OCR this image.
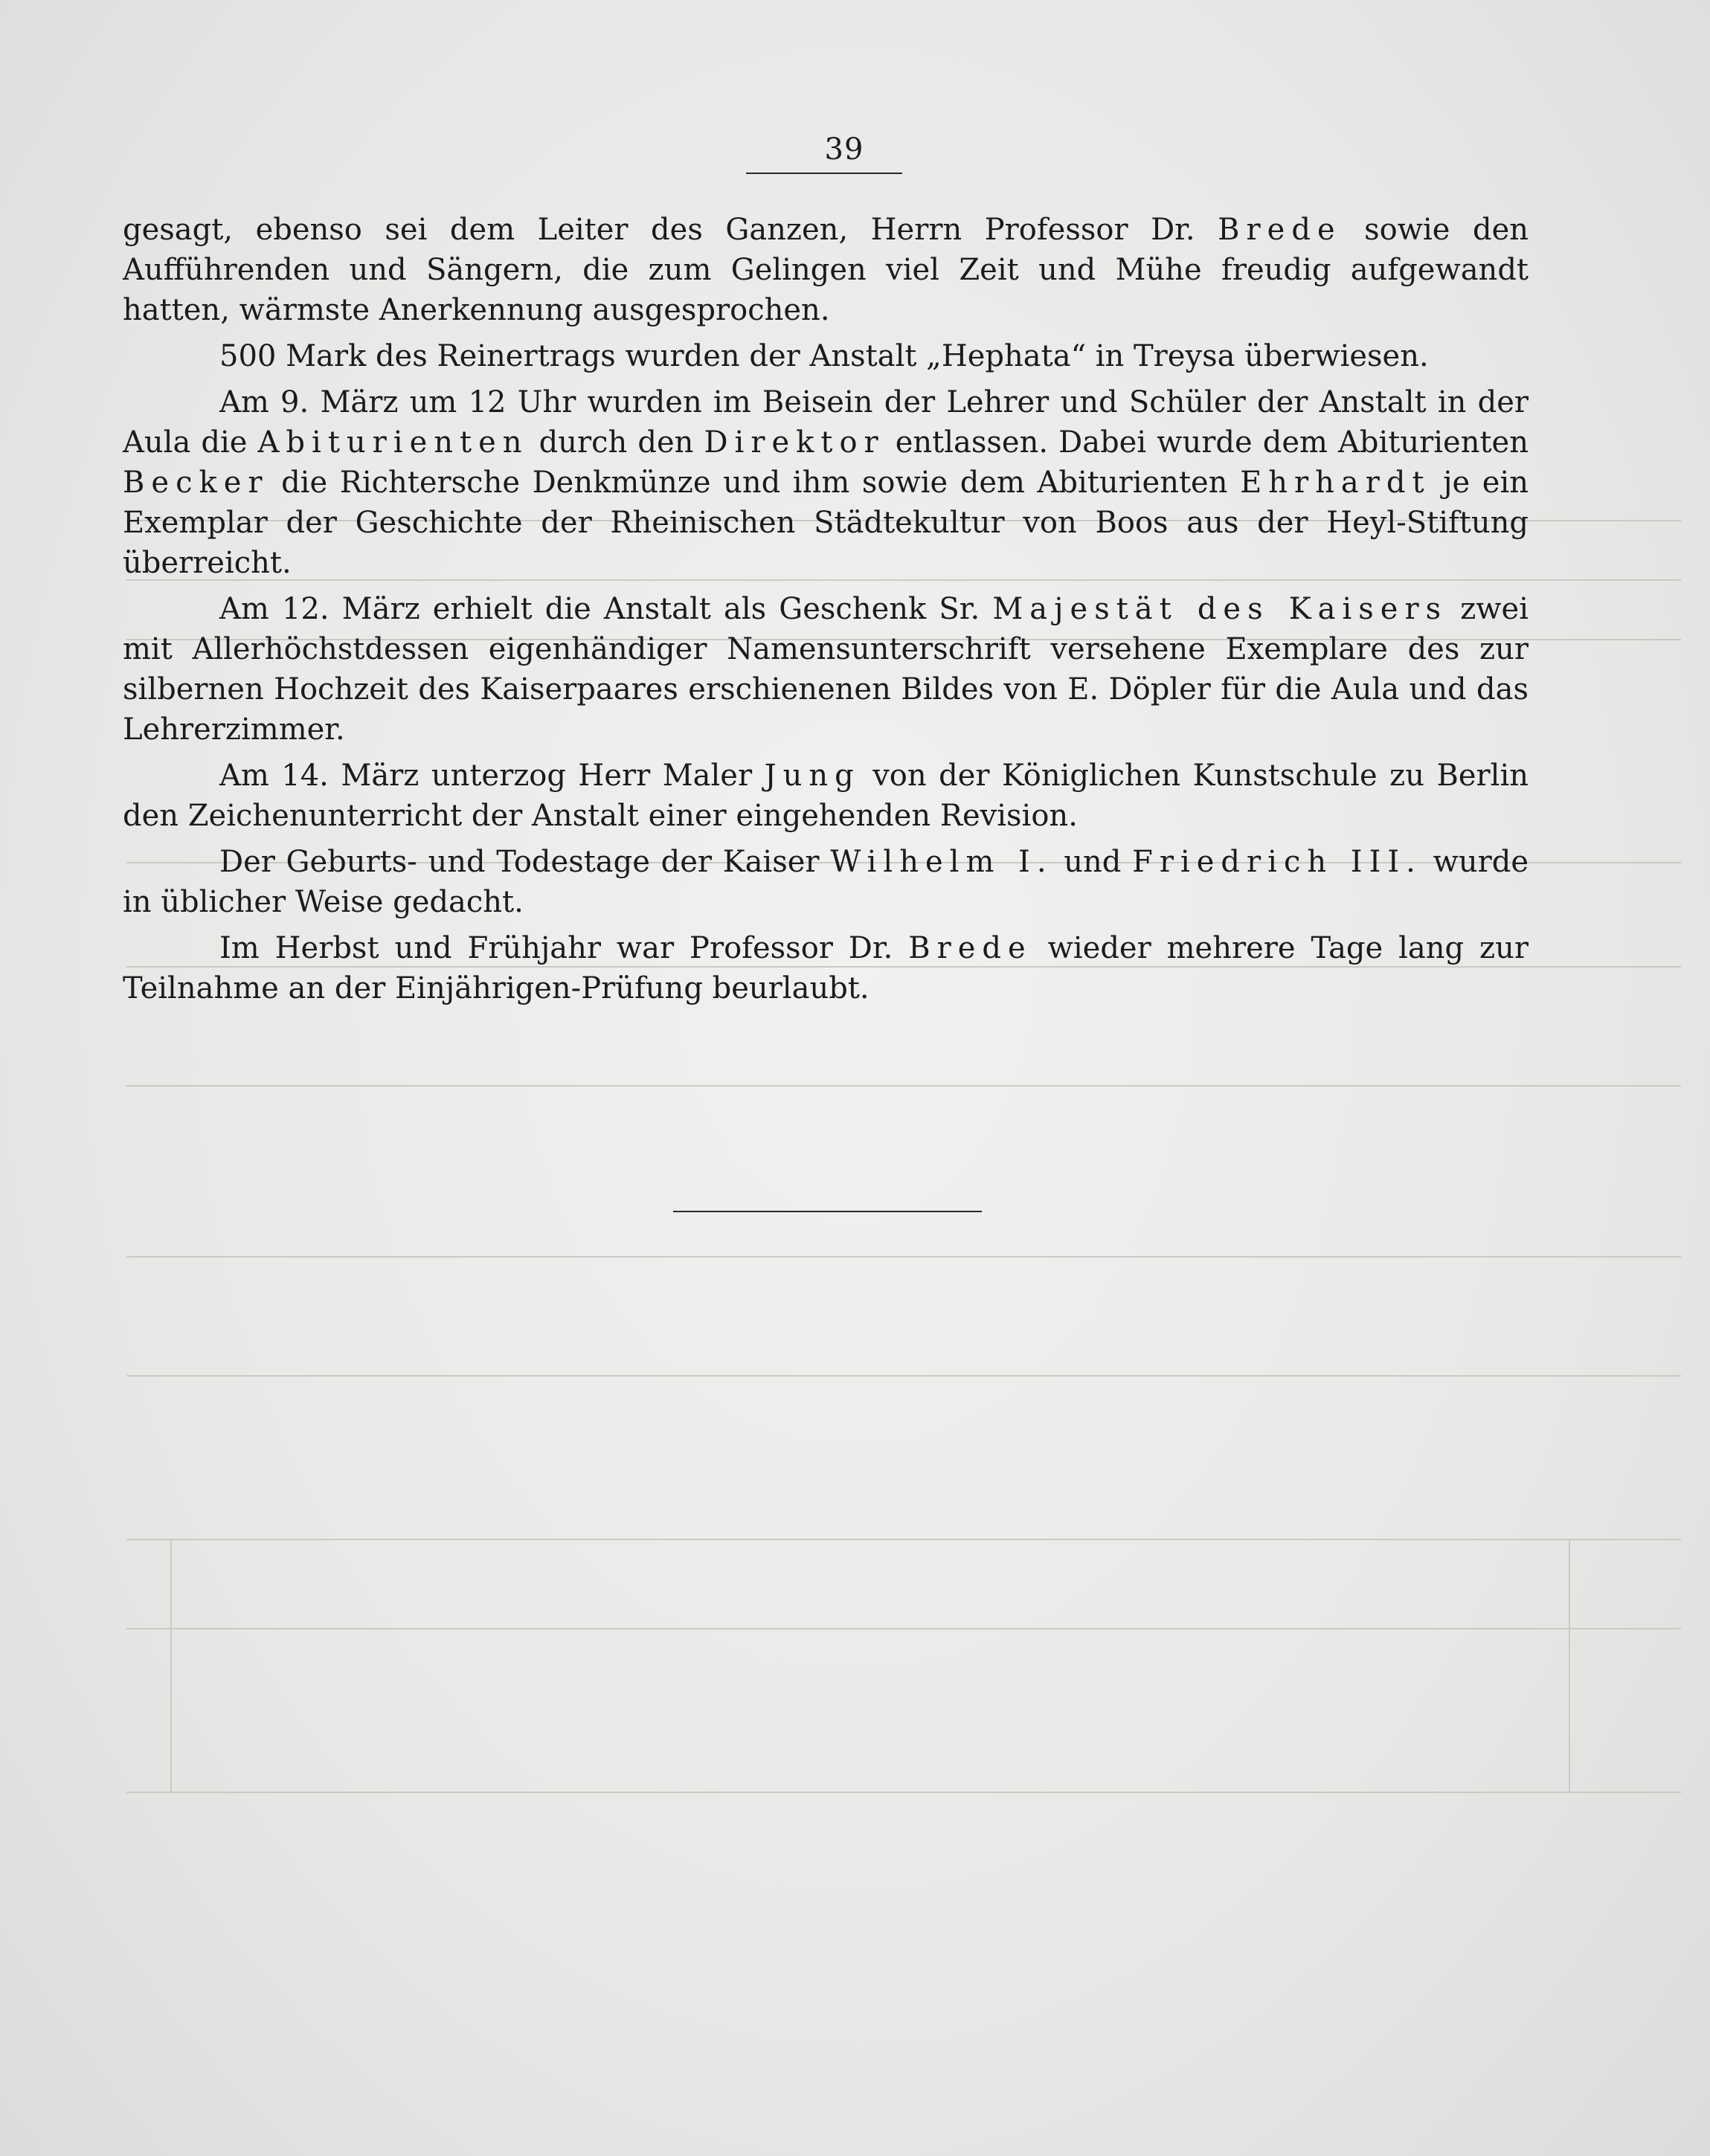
39

gesagt, ebenso sei dem Leiter des Ganzen, Herrn Professor Dr. Brede sowie den Aufführenden und Sängern, die zum Gelingen viel Zeit und Mühe freudig aufgewandt hatten, wärmste Anerkennung ausgesprochen.

500 Mark des Reinertrags wurden der Anstalt „Hephata“ in Treysa überwiesen.

Am 9. März um 12 Uhr wurden im Beisein der Lehrer und Schüler der Anstalt in der Aula die Abiturienten durch den Direktor entlassen. Dabei wurde dem Abiturienten Becker die Richtersche Denkmünze und ihm sowie dem Abiturienten Ehrhardt je ein Exemplar der Geschichte der Rheinischen Städtekultur von Boos aus der Heyl-Stiftung überreicht.

Am 12. März erhielt die Anstalt als Geschenk Sr. Majestät des Kaisers zwei mit Allerhöchstdessen eigenhändiger Namensunterschrift versehene Exemplare des zur silbernen Hochzeit des Kaiserpaares erschienenen Bildes von E. Döpler für die Aula und das Lehrerzimmer.

Am 14. März unterzog Herr Maler Jung von der Königlichen Kunstschule zu Berlin den Zeichenunterricht der Anstalt einer eingehenden Revision.

Der Geburts- und Todestage der Kaiser Wilhelm I. und Friedrich III. wurde in üblicher Weise gedacht.

Im Herbst und Frühjahr war Professor Dr. Brede wieder mehrere Tage lang zur Teilnahme an der Einjährigen-Prüfung beurlaubt.
